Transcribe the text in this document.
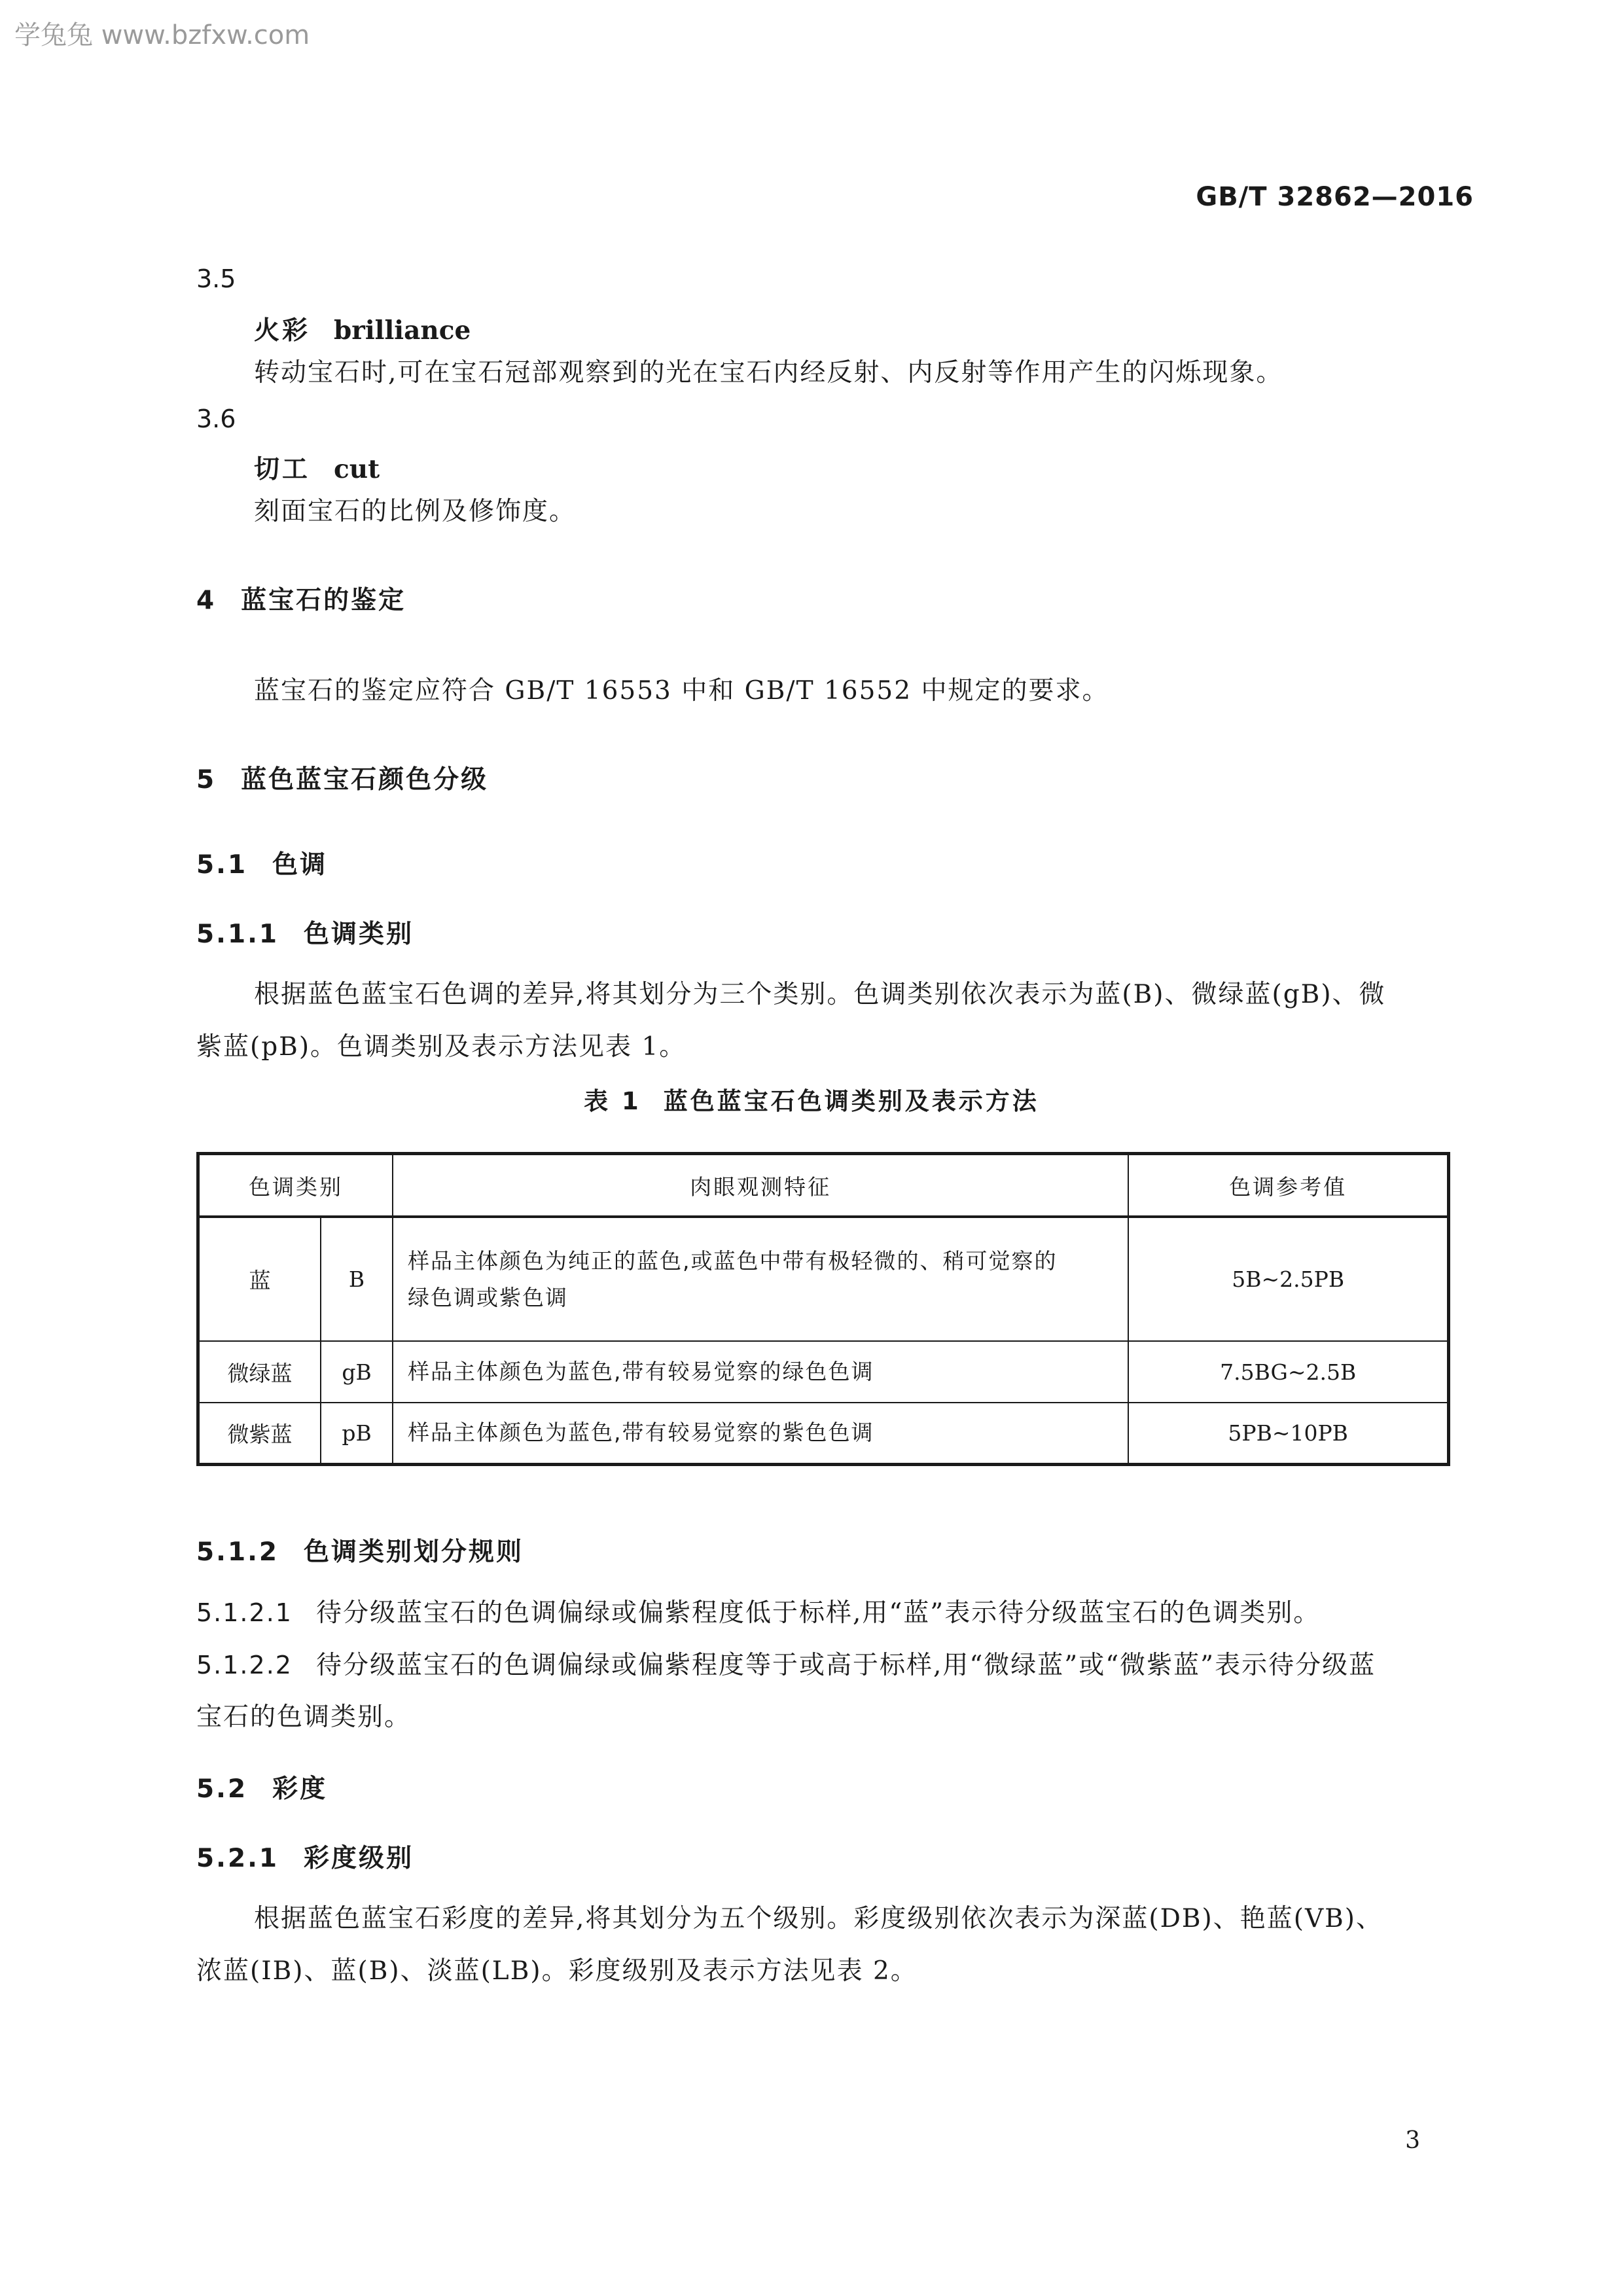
学兔兔 www.bzfxw.com
GB/T 32862—2016
3.5
火彩 brilliance
转动宝石时,可在宝石冠部观察到的光在宝石内经反射、内反射等作用产生的闪烁现象。
3.6
切工 cut
刻面宝石的比例及修饰度。
4 蓝宝石的鉴定
蓝宝石的鉴定应符合 GB/T 16553 中和 GB/T 16552 中规定的要求。
5 蓝色蓝宝石颜色分级
5.1 色调
5.1.1 色调类别
根据蓝色蓝宝石色调的差异,将其划分为三个类别。色调类别依次表示为蓝(B)、微绿蓝(gB)、微
紫蓝(pB)。色调类别及表示方法见表 1。
表 1 蓝色蓝宝石色调类别及表示方法
色调类别		肉眼观测特征	色调参考值
蓝	B	样品主体颜色为纯正的蓝色,或蓝色中带有极轻微的、稍可觉察的
绿色调或紫色调	5B~2.5PB
微绿蓝	gB	样品主体颜色为蓝色,带有较易觉察的绿色色调	7.5BG~2.5B
微紫蓝	pB	样品主体颜色为蓝色,带有较易觉察的紫色色调	5PB~10PB
5.1.2 色调类别划分规则
5.1.2.1 待分级蓝宝石的色调偏绿或偏紫程度低于标样,用“蓝”表示待分级蓝宝石的色调类别。
5.1.2.2 待分级蓝宝石的色调偏绿或偏紫程度等于或高于标样,用“微绿蓝”或“微紫蓝”表示待分级蓝
宝石的色调类别。
5.2 彩度
5.2.1 彩度级别
根据蓝色蓝宝石彩度的差异,将其划分为五个级别。彩度级别依次表示为深蓝(DB)、艳蓝(VB)、
浓蓝(IB)、蓝(B)、淡蓝(LB)。彩度级别及表示方法见表 2。
3
